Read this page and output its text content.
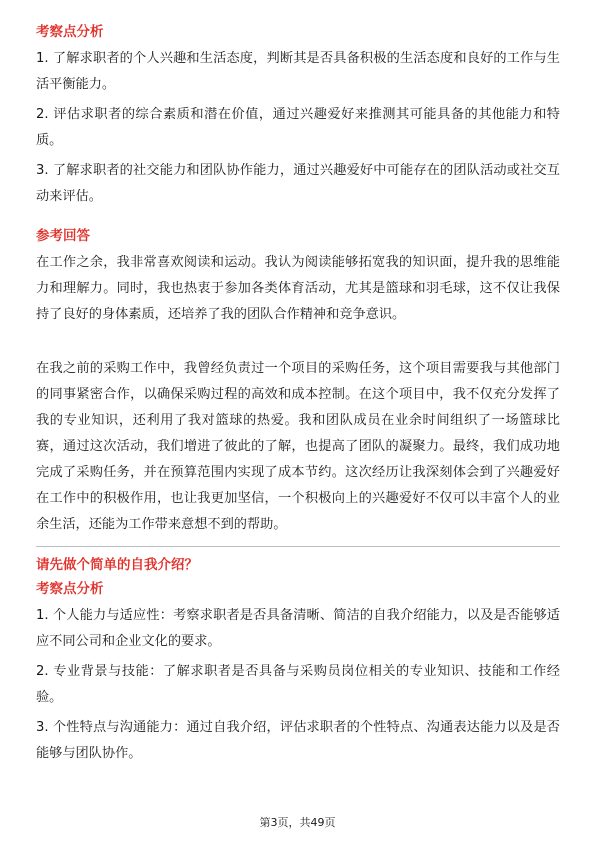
考察点分析

1. 了解求职者的个人兴趣和生活态度，判断其是否具备积极的生活态度和良好的工作与生活平衡能力。

2. 评估求职者的综合素质和潜在价值，通过兴趣爱好来推测其可能具备的其他能力和特质。

3. 了解求职者的社交能力和团队协作能力，通过兴趣爱好中可能存在的团队活动或社交互动来评估。

参考回答

在工作之余，我非常喜欢阅读和运动。我认为阅读能够拓宽我的知识面，提升我的思维能力和理解力。同时，我也热衷于参加各类体育活动，尤其是篮球和羽毛球，这不仅让我保持了良好的身体素质，还培养了我的团队合作精神和竞争意识。

在我之前的采购工作中，我曾经负责过一个项目的采购任务，这个项目需要我与其他部门的同事紧密合作，以确保采购过程的高效和成本控制。在这个项目中，我不仅充分发挥了我的专业知识，还利用了我对篮球的热爱。我和团队成员在业余时间组织了一场篮球比赛，通过这次活动，我们增进了彼此的了解，也提高了团队的凝聚力。最终，我们成功地完成了采购任务，并在预算范围内实现了成本节约。这次经历让我深刻体会到了兴趣爱好在工作中的积极作用，也让我更加坚信，一个积极向上的兴趣爱好不仅可以丰富个人的业余生活，还能为工作带来意想不到的帮助。

请先做个简单的自我介绍？
考察点分析

1. 个人能力与适应性：考察求职者是否具备清晰、简洁的自我介绍能力，以及是否能够适应不同公司和企业文化的要求。

2. 专业背景与技能：了解求职者是否具备与采购员岗位相关的专业知识、技能和工作经验。

3. 个性特点与沟通能力：通过自我介绍，评估求职者的个性特点、沟通表达能力以及是否能够与团队协作。

第3页，共49页
